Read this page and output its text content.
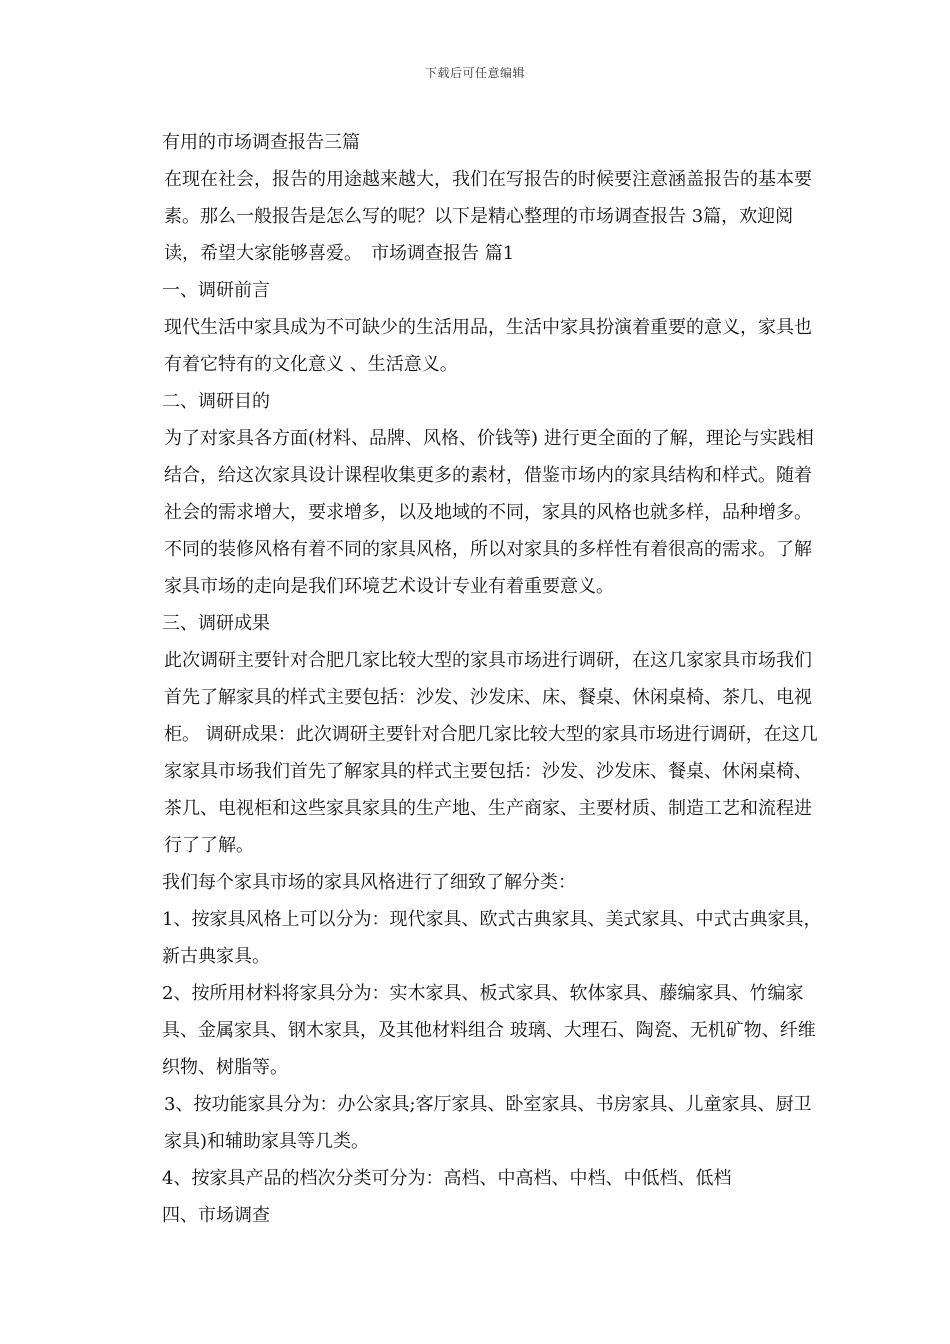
下载后可任意编辑

有用的市场调查报告三篇

在现在社会，报告的用途越来越大，我们在写报告的时候要注意涵盖报告的基本要素。那么一般报告是怎么写的呢？以下是精心整理的市场调查报告 3篇，欢迎阅读，希望大家能够喜爱。　市场调查报告 篇1

一、调研前言

现代生活中家具成为不可缺少的生活用品，生活中家具扮演着重要的意义，家具也有着它特有的文化意义 、生活意义。

二、调研目的

为了对家具各方面(材料、品牌、风格、价钱等) 进行更全面的了解，理论与实践相结合，给这次家具设计课程收集更多的素材，借鉴市场内的家具结构和样式。随着社会的需求增大，要求增多，以及地域的不同，家具的风格也就多样，品种增多。不同的装修风格有着不同的家具风格，所以对家具的多样性有着很高的需求。了解家具市场的走向是我们环境艺术设计专业有着重要意义。

三、调研成果

此次调研主要针对合肥几家比较大型的家具市场进行调研，在这几家家具市场我们首先了解家具的样式主要包括：沙发、沙发床、床、餐桌、休闲桌椅、茶几、电视柜。 调研成果：此次调研主要针对合肥几家比较大型的家具市场进行调研，在这几家家具市场我们首先了解家具的样式主要包括：沙发、沙发床、餐桌、休闲桌椅、茶几、电视柜和这些家具家具的生产地、生产商家、主要材质、制造工艺和流程进行了了解。

我们每个家具市场的家具风格进行了细致了解分类：

1、按家具风格上可以分为：现代家具、欧式古典家具、美式家具、中式古典家具，新古典家具。

2、按所用材料将家具分为：实木家具、板式家具、软体家具、藤编家具、竹编家具、金属家具、钢木家具，及其他材料组合 玻璃、大理石、陶瓷、无机矿物、纤维织物、树脂等。

3、按功能家具分为：办公家具;客厅家具、卧室家具、书房家具、儿童家具、厨卫家具)和辅助家具等几类。

4、按家具产品的档次分类可分为：高档、中高档、中档、中低档、低档

四、市场调查
